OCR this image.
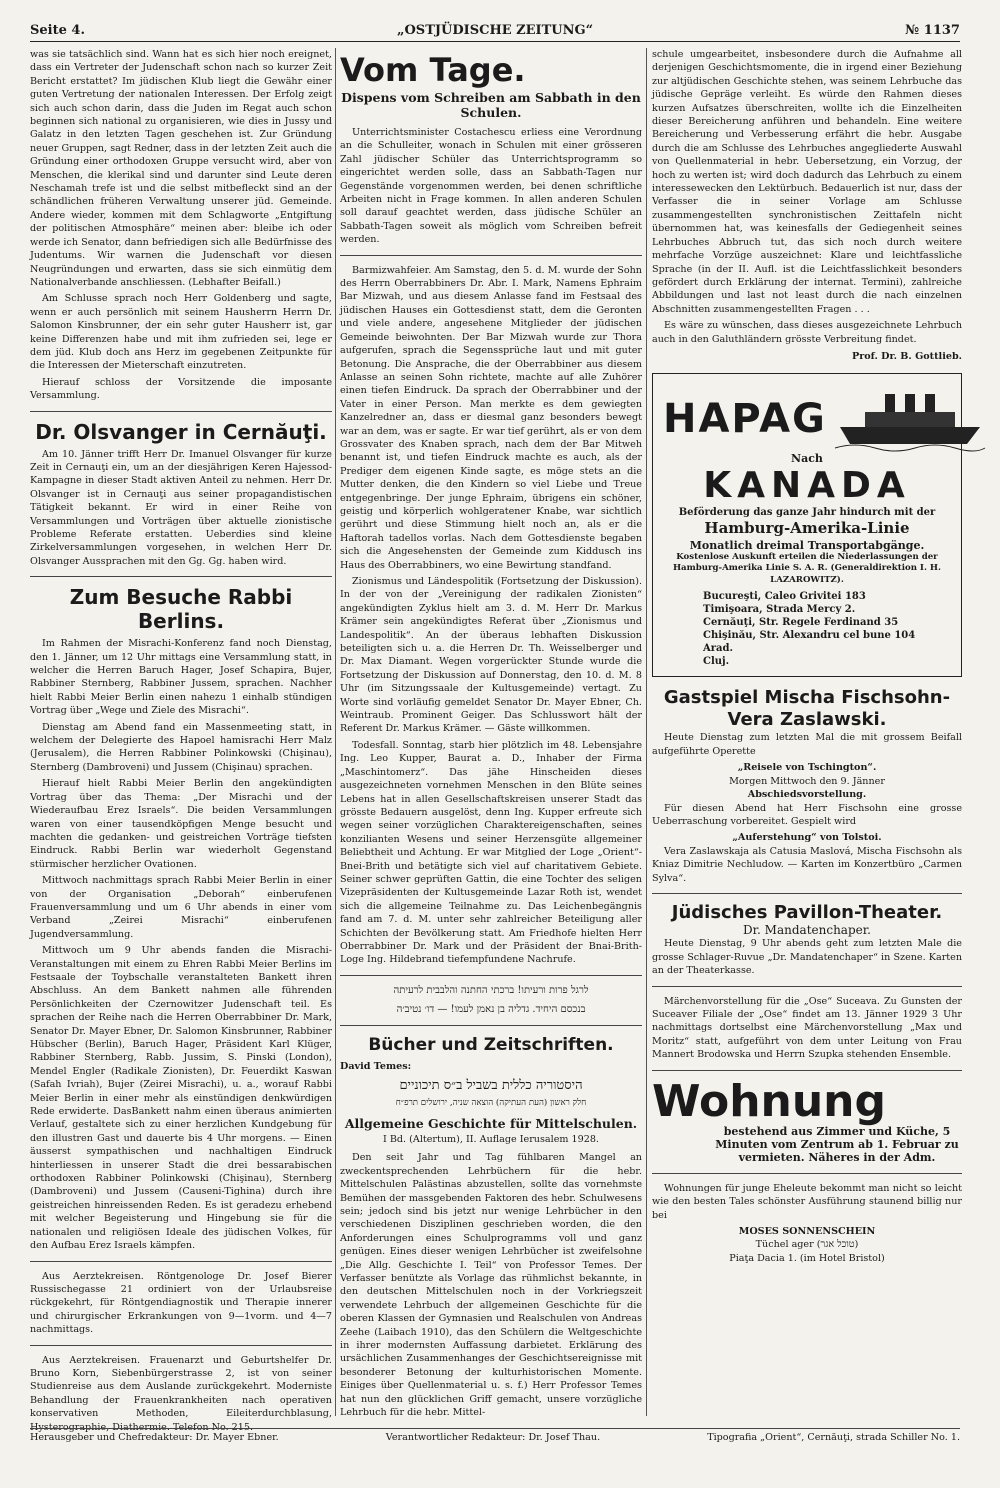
Seite 4.	„OSTJÜDISCHE ZEITUNG“	№ 1137

was sie tatsächlich sind. Wann hat es sich hier noch ereignet, dass ein Vertreter der Judenschaft schon nach so kurzer Zeit Bericht erstattet? Im jüdischen Klub liegt die Gewähr einer guten Vertretung der nationalen Interessen. Der Erfolg zeigt sich auch schon darin, dass die Juden im Regat auch schon beginnen sich national zu organisieren, wie dies in Jussy und Galatz in den letzten Tagen geschehen ist. Zur Gründung neuer Gruppen, sagt Redner, dass in der letzten Zeit auch die Gründung einer orthodoxen Gruppe versucht wird, aber von Menschen, die klerikal sind und darunter sind Leute deren Neschamah trefe ist und die selbst mitbefleckt sind an der schändlichen früheren Verwaltung unserer jüd. Gemeinde. Andere wieder, kommen mit dem Schlagworte „Entgiftung der politischen Atmosphäre“ meinen aber: bleibe ich oder werde ich Senator, dann befriedigen sich alle Bedürfnisse des Judentums. Wir warnen die Judenschaft vor diesen Neugründungen und erwarten, dass sie sich einmütig dem Nationalverbande anschliessen. (Lebhafter Beifall.)

Am Schlusse sprach noch Herr Goldenberg und sagte, wenn er auch persönlich mit seinem Hausherrn Herrn Dr. Salomon Kinsbrunner, der ein sehr guter Hausherr ist, gar keine Differenzen habe und mit ihm zufrieden sei, lege er dem jüd. Klub doch ans Herz im gegebenen Zeitpunkte für die Interessen der Mieterschaft einzutreten.

Hierauf schloss der Vorsitzende die imposante Versammlung.

Dr. Olsvanger in Cernăuţi.

Am 10. Jänner trifft Herr Dr. Imanuel Olsvanger für kurze Zeit in Cernauţi ein, um an der diesjährigen Keren Hajessod-Kampagne in dieser Stadt aktiven Anteil zu nehmen. Herr Dr. Olsvanger ist in Cernauţi aus seiner propagandistischen Tätigkeit bekannt. Er wird in einer Reihe von Versammlungen und Vorträgen über aktuelle zionistische Probleme Referate erstatten. Ueberdies sind kleine Zirkelversammlungen vorgesehen, in welchen Herr Dr. Olsvanger Aussprachen mit den Gg. Gg. haben wird.

Zum Besuche Rabbi Berlins.

Im Rahmen der Misrachi-Konferenz fand noch Dienstag, den 1. Jänner, um 12 Uhr mittags eine Versammlung statt, in welcher die Herren Baruch Hager, Josef Schapira, Bujer, Rabbiner Sternberg, Rabbiner Jussem, sprachen. Nachher hielt Rabbi Meier Berlin einen nahezu 1 einhalb stündigen Vortrag über „Wege und Ziele des Misrachi“.

Dienstag am Abend fand ein Massenmeeting statt, in welchem der Delegierte des Hapoel hamisrachi Herr Malz (Jerusalem), die Herren Rabbiner Polinkowski (Chişinau), Sternberg (Dambroveni) und Jussem (Chişinau) sprachen.

Hierauf hielt Rabbi Meier Berlin den angekündigten Vortrag über das Thema: „Der Misrachi und der Wiederaufbau Erez Israels“. Die beiden Versammlungen waren von einer tausendköpfigen Menge besucht und machten die gedanken- und geistreichen Vorträge tiefsten Eindruck. Rabbi Berlin war wiederholt Gegenstand stürmischer herzlicher Ovationen.

Mittwoch nachmittags sprach Rabbi Meier Berlin in einer von der Organisation „Deborah“ einberufenen Frauenversammlung und um 6 Uhr abends in einer vom Verband „Zeirei Misrachi“ einberufenen Jugendversammlung.

Mittwoch um 9 Uhr abends fanden die Misrachi-Veranstaltungen mit einem zu Ehren Rabbi Meier Berlins im Festsaale der Toybschalle veranstalteten Bankett ihren Abschluss. An dem Bankett nahmen alle führenden Persönlichkeiten der Czernowitzer Judenschaft teil. Es sprachen der Reihe nach die Herren Oberrabbiner Dr. Mark, Senator Dr. Mayer Ebner, Dr. Salomon Kinsbrunner, Rabbiner Hübscher (Berlin), Baruch Hager, Präsident Karl Klüger, Rabbiner Sternberg, Rabb. Jussim, S. Pinski (London), Mendel Engler (Radikale Zionisten), Dr. Feuerdikt Kaswan (Safah Ivriah), Bujer (Zeirei Misrachi), u. a., worauf Rabbi Meier Berlin in einer mehr als einstündigen denkwürdigen Rede erwiderte. DasBankett nahm einen überaus animierten Verlauf, gestaltete sich zu einer herzlichen Kundgebung für den illustren Gast und dauerte bis 4 Uhr morgens. — Einen äusserst sympathischen und nachhaltigen Eindruck hinterliessen in unserer Stadt die drei bessarabischen orthodoxen Rabbiner Polinkowski (Chişinau), Sternberg (Dambroveni) und Jussem (Causeni-Tighina) durch ihre geistreichen hinreissenden Reden. Es ist geradezu erhebend mit welcher Begeisterung und Hingebung sie für die nationalen und religiösen Ideale des jüdischen Volkes, für den Aufbau Erez Israels kämpfen.

Aus Aerztekreisen. Röntgenologe Dr. Josef Bierer Russischegasse 21 ordiniert von der Urlaubsreise rückgekehrt, für Röntgendiagnostik und Therapie innerer und chirurgischer Erkrankungen von 9—1vorm. und 4—7 nachmittags.

Aus Aerztekreisen. Frauenarzt und Geburtshelfer Dr. Bruno Korn, Siebenbürgerstrasse 2, ist von seiner Studienreise aus dem Auslande zurückgekehrt. Moderniste Behandlung der Frauenkrankheiten nach operativen konservativen Methoden, Eileiterdurchblasung, Hysterographie, Diathermie. Telefon No. 215.

Vom Tage.
Dispens vom Schreiben am Sabbath in den Schulen.

Unterrichtsminister Costachescu erliess eine Verordnung an die Schulleiter, wonach in Schulen mit einer grösseren Zahl jüdischer Schüler das Unterrichtsprogramm so eingerichtet werden solle, dass an Sabbath-Tagen nur Gegenstände vorgenommen werden, bei denen schriftliche Arbeiten nicht in Frage kommen. In allen anderen Schulen soll darauf geachtet werden, dass jüdische Schüler an Sabbath-Tagen soweit als möglich vom Schreiben befreit werden.

Barmizwahfeier. Am Samstag, den 5. d. M. wurde der Sohn des Herrn Oberrabbiners Dr. Abr. I. Mark, Namens Ephraim Bar Mizwah, und aus diesem Anlasse fand im Festsaal des jüdischen Hauses ein Gottesdienst statt, dem die Geronten und viele andere, angesehene Mitglieder der jüdischen Gemeinde beiwohnten. Der Bar Mizwah wurde zur Thora aufgerufen, sprach die Segenssprüche laut und mit guter Betonung. Die Ansprache, die der Oberrabbiner aus diesem Anlasse an seinen Sohn richtete, machte auf alle Zuhörer einen tiefen Eindruck. Da sprach der Oberrabbiner und der Vater in einer Person. Man merkte es dem gewiegten Kanzelredner an, dass er diesmal ganz besonders bewegt war an dem, was er sagte. Er war tief gerührt, als er von dem Grossvater des Knaben sprach, nach dem der Bar Mitweh benannt ist, und tiefen Eindruck machte es auch, als der Prediger dem eigenen Kinde sagte, es möge stets an die Mutter denken, die den Kindern so viel Liebe und Treue entgegenbringe. Der junge Ephraim, übrigens ein schöner, geistig und körperlich wohlgeratener Knabe, war sichtlich gerührt und diese Stimmung hielt noch an, als er die Haftorah tadellos vorlas. Nach dem Gottesdienste begaben sich die Angesehensten der Gemeinde zum Kiddusch ins Haus des Oberrabbiners, wo eine Bewirtung standfand.

Zionismus und Ländespolitik (Fortsetzung der Diskussion). In der von der „Vereinigung der radikalen Zionisten“ angekündigten Zyklus hielt am 3. d. M. Herr Dr. Markus Krämer sein angekündigtes Referat über „Zionismus und Landespolitik“. An der überaus lebhaften Diskussion beteiligten sich u. a. die Herren Dr. Th. Weisselberger und Dr. Max Diamant. Wegen vorgerückter Stunde wurde die Fortsetzung der Diskussion auf Donnerstag, den 10. d. M. 8 Uhr (im Sitzungssaale der Kultusgemeinde) vertagt. Zu Worte sind vorläufig gemeldet Senator Dr. Mayer Ebner, Ch. Weintraub. Prominent Geiger. Das Schlusswort hält der Referent Dr. Markus Krämer. — Gäste willkommen.

Todesfall. Sonntag, starb hier plötzlich im 48. Lebensjahre Ing. Leo Kupper, Baurat a. D., Inhaber der Firma „Maschintomerz“. Das jähe Hinscheiden dieses ausgezeichneten vornehmen Menschen in den Blüte seines Lebens hat in allen Gesellschaftskreisen unserer Stadt das grösste Bedauern ausgelöst, denn Ing. Kupper erfreute sich wegen seiner vorzüglichen Charaktereigenschaften, seines konzilianten Wesens und seiner Herzensgüte allgemeiner Beliebtheit und Achtung. Er war Mitglied der Loge „Orient“-Bnei-Brith und betätigte sich viel auf charitativem Gebiete. Seiner schwer geprüften Gattin, die eine Tochter des seligen Vizepräsidenten der Kultusgemeinde Lazar Roth ist, wendet sich die allgemeine Teilnahme zu. Das Leichenbegängnis fand am 7. d. M. unter sehr zahlreicher Beteiligung aller Schichten der Bevölkerung statt. Am Friedhofe hielten Herr Oberrabbiner Dr. Mark und der Präsident der Bnai-Brith-Loge Ing. Hildebrand tiefempfundene Nachrufe.

לרגל פרות ורעיתו! ברכתי החתנה והלבבית לרעיתה
בנכסם היחיד. גדליה בן נאמן לעמו! — דו׳ נטיב׳ה
Bücher und Zeitschriften.
David Temes:
היסטוריה כללית בשביל ב״ס תיכוניים
חלק ראשון (העת העתיקה) הוצאה שניה, ירושלים תרפ״ח
Allgemeine Geschichte für Mittelschulen.
I Bd. (Altertum), II. Auflage Ierusalem 1928.

Den seit Jahr und Tag fühlbaren Mangel an zweckentsprechenden Lehrbüchern für die hebr. Mittelschulen Palästinas abzustellen, sollte das vornehmste Bemühen der massgebenden Faktoren des hebr. Schulwesens sein; jedoch sind bis jetzt nur wenige Lehrbücher in den verschiedenen Disziplinen geschrieben worden, die den Anforderungen eines Schulprogramms voll und ganz genügen. Eines dieser wenigen Lehrbücher ist zweifelsohne „Die Allg. Geschichte I. Teil“ von Professor Temes. Der Verfasser benützte als Vorlage das rühmlichst bekannte, in den deutschen Mittelschulen noch in der Vorkriegszeit verwendete Lehrbuch der allgemeinen Geschichte für die oberen Klassen der Gymnasien und Realschulen von Andreas Zeehe (Laibach 1910), das den Schülern die Weltgeschichte in ihrer modernsten Auffassung darbietet. Erklärung des ursächlichen Zusammenhanges der Geschichtsereignisse mit besonderer Betonung der kulturhistorischen Momente. Einiges über Quellenmaterial u. s. f.) Herr Professor Temes hat nun den glücklichen Griff gemacht, unsere vorzügliche Lehrbuch für die hebr. Mittel-

schule umgearbeitet, insbesondere durch die Aufnahme all derjenigen Geschichtsmomente, die in irgend einer Beziehung zur altjüdischen Geschichte stehen, was seinem Lehrbuche das jüdische Gepräge verleiht. Es würde den Rahmen dieses kurzen Aufsatzes überschreiten, wollte ich die Einzelheiten dieser Bereicherung anführen und behandeln. Eine weitere Bereicherung und Verbesserung erfährt die hebr. Ausgabe durch die am Schlusse des Lehrbuches angegliederte Auswahl von Quellenmaterial in hebr. Uebersetzung, ein Vorzug, der hoch zu werten ist; wird doch dadurch das Lehrbuch zu einem interessewecken den Lektürbuch. Bedauerlich ist nur, dass der Verfasser die in seiner Vorlage am Schlusse zusammengestellten synchronistischen Zeittafeln nicht übernommen hat, was keinesfalls der Gediegenheit seines Lehrbuches Abbruch tut, das sich noch durch weitere mehrfache Vorzüge auszeichnet: Klare und leichtfassliche Sprache (in der II. Aufl. ist die Leichtfasslichkeit besonders gefördert durch Erklärung der internat. Termini), zahlreiche Abbildungen und last not least durch die nach einzelnen Abschnitten zusammengestellten Fragen . . .

Es wäre zu wünschen, dass dieses ausgezeichnete Lehrbuch auch in den Galuthländern grösste Verbreitung findet.

Prof. Dr. B. Gottlieb.
HAPAG
Nach
KANADA
Beförderung das ganze Jahr hindurch mit der
Hamburg-Amerika-Linie
Monatlich dreimal Transportabgänge.
Kostenlose Auskunft erteilen die Niederlassungen der Hamburg-Amerika Linie S. A. R. (Generaldirektion I. H. LAZAROWITZ).
Bucureşti, Caleo Grivitei 183
Timişoara, Strada Mercy 2.
Cernăuţi, Str. Regele Ferdinand 35
Chişinău, Str. Alexandru cel bune 104
Arad.
Cluj.
Gastspiel Mischa Fischsohn-Vera Zaslawski.

Heute Dienstag zum letzten Mal die mit grossem Beifall aufgeführte Operette

„Reisele von Tschington“.
Morgen Mittwoch den 9. Jänner
Abschiedsvorstellung.

Für diesen Abend hat Herr Fischsohn eine grosse Ueberraschung vorbereitet. Gespielt wird

„Auferstehung“ von Tolstoi.

Vera Zaslawskaja als Catusia Maslová, Mischa Fischsohn als Kniaz Dimitrie Nechludow. — Karten im Konzertbüro „Carmen Sylva“.

Jüdisches Pavillon-Theater.
Dr. Mandatenchaper.

Heute Dienstag, 9 Uhr abends geht zum letzten Male die grosse Schlager-Ruvue „Dr. Mandatenchaper“ in Szene. Karten an der Theaterkasse.

Märchenvorstellung für die „Ose“ Suceava. Zu Gunsten der Suceaver Filiale der „Ose“ findet am 13. Jänner 1929 3 Uhr nachmittags dortselbst eine Märchenvorstellung „Max und Moritz“ statt, aufgeführt von dem unter Leitung von Frau Mannert Brodowska und Herrn Szupka stehenden Ensemble.

Wohnung
bestehend aus Zimmer und Küche, 5 Minuten vom Zentrum ab 1. Februar zu vermieten. Näheres in der Adm.

Wohnungen für junge Eheleute bekommt man nicht so leicht wie den besten Tales schönster Ausführung staunend billig nur bei

MOSES SONNENSCHEIN
Tüchel ager (טוכל אגר)
Piaţa Dacia 1. (im Hotel Bristol)
Herausgeber und Chefredakteur: Dr. Mayer Ebner.	Verantwortlicher Redakteur: Dr. Josef Thau.	Tipografia „Orient“, Cernăuţi, strada Schiller No. 1.
